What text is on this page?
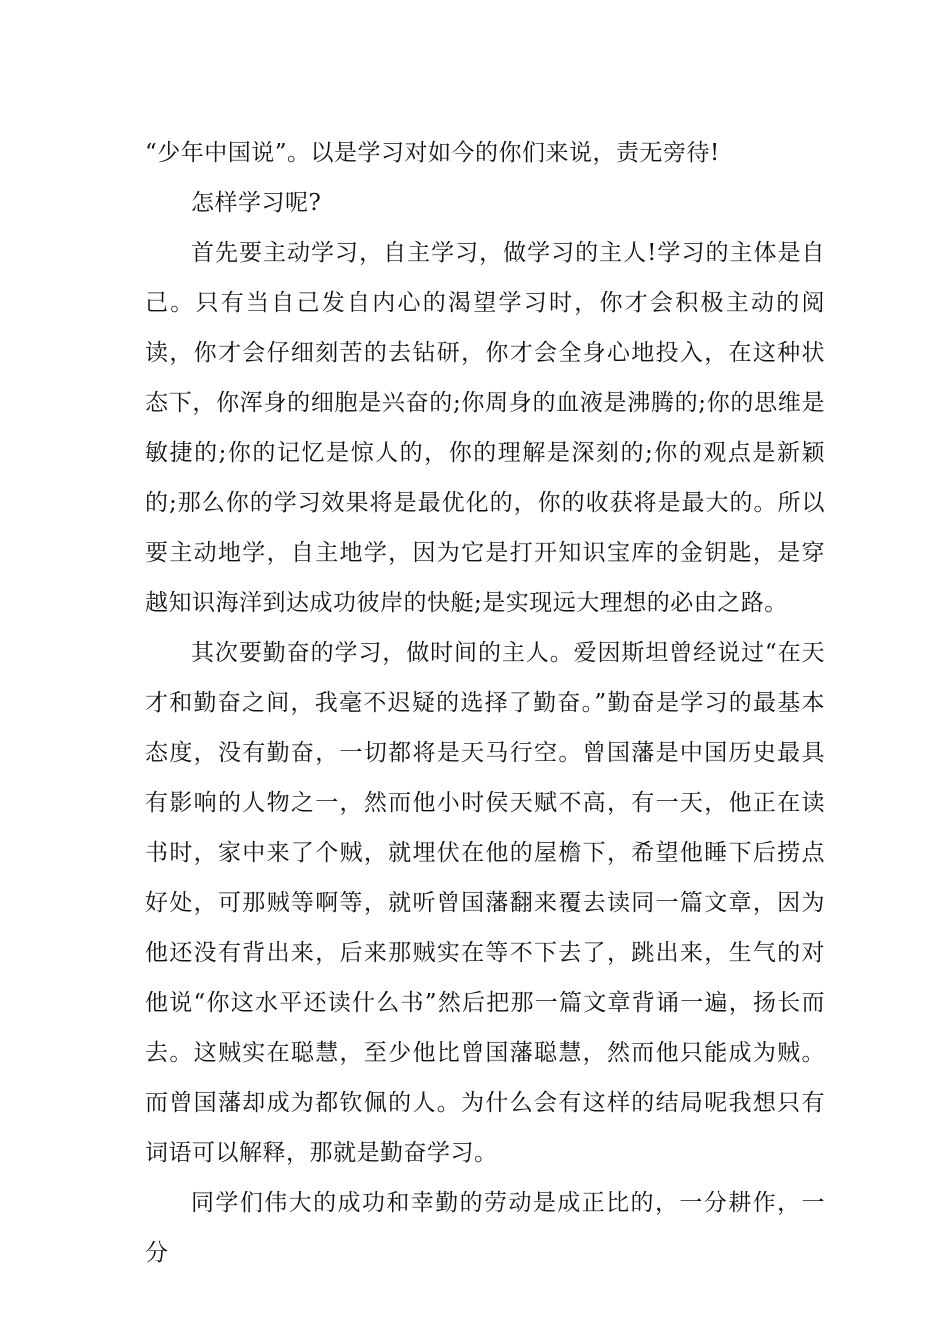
“少年中国说”。以是学习对如今的你们来说，责无旁待!

怎样学习呢?

首先要主动学习，自主学习，做学习的主人!学习的主体是自己。只有当自己发自内心的渴望学习时，你才会积极主动的阅读，你才会仔细刻苦的去钻研，你才会全身心地投入，在这种状态下，你浑身的细胞是兴奋的;你周身的血液是沸腾的;你的思维是敏捷的;你的记忆是惊人的，你的理解是深刻的;你的观点是新颖的;那么你的学习效果将是最优化的，你的收获将是最大的。所以要主动地学，自主地学，因为它是打开知识宝库的金钥匙，是穿越知识海洋到达成功彼岸的快艇;是实现远大理想的必由之路。

其次要勤奋的学习，做时间的主人。爱因斯坦曾经说过“在天才和勤奋之间，我毫不迟疑的选择了勤奋。”勤奋是学习的最基本态度，没有勤奋，一切都将是天马行空。曾国藩是中国历史最具有影响的人物之一，然而他小时侯天赋不高，有一天，他正在读书时，家中来了个贼，就埋伏在他的屋檐下，希望他睡下后捞点好处，可那贼等啊等，就听曾国藩翻来覆去读同一篇文章，因为他还没有背出来，后来那贼实在等不下去了，跳出来，生气的对他说“你这水平还读什么书”然后把那一篇文章背诵一遍，扬长而去。这贼实在聪慧，至少他比曾国藩聪慧，然而他只能成为贼。而曾国藩却成为都钦佩的人。为什么会有这样的结局呢我想只有词语可以解释，那就是勤奋学习。

同学们伟大的成功和幸勤的劳动是成正比的，一分耕作，一分
